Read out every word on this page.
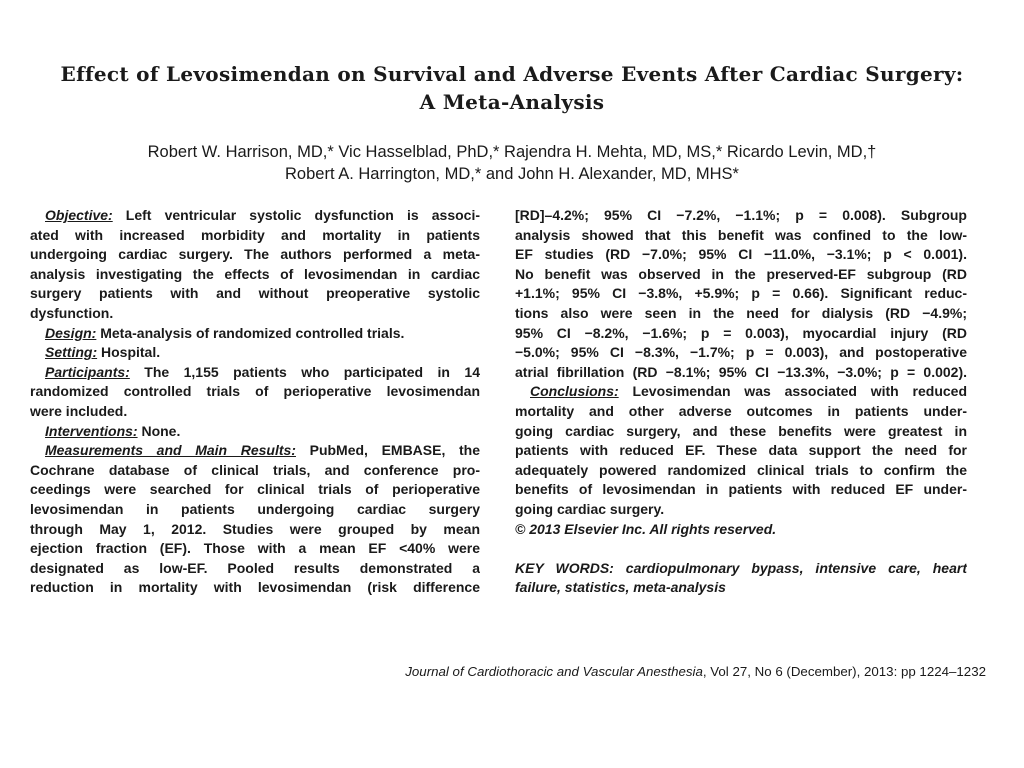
Effect of Levosimendan on Survival and Adverse Events After Cardiac Surgery:
A Meta-Analysis
Robert W. Harrison, MD,* Vic Hasselblad, PhD,* Rajendra H. Mehta, MD, MS,* Ricardo Levin, MD,†
Robert A. Harrington, MD,* and John H. Alexander, MD, MHS*
Objective: Left ventricular systolic dysfunction is associ-
ated with increased morbidity and mortality in patients
undergoing cardiac surgery. The authors performed a meta-
analysis investigating the effects of levosimendan in cardiac
surgery patients with and without preoperative systolic
dysfunction.
Design: Meta-analysis of randomized controlled trials.
Setting: Hospital.
Participants: The 1,155 patients who participated in 14
randomized controlled trials of perioperative levosimendan
were included.
Interventions: None.
Measurements and Main Results: PubMed, EMBASE, the
Cochrane database of clinical trials, and conference pro-
ceedings were searched for clinical trials of perioperative
levosimendan in patients undergoing cardiac surgery
through May 1, 2012. Studies were grouped by mean
ejection fraction (EF). Those with a mean EF <40% were
designated as low-EF. Pooled results demonstrated a
reduction in mortality with levosimendan (risk difference
[RD]–4.2%; 95% CI −7.2%, −1.1%; p = 0.008). Subgroup
analysis showed that this benefit was confined to the low-
EF studies (RD −7.0%; 95% CI −11.0%, −3.1%; p < 0.001).
No benefit was observed in the preserved-EF subgroup (RD
+1.1%; 95% CI −3.8%, +5.9%; p = 0.66). Significant reduc-
tions also were seen in the need for dialysis (RD −4.9%;
95% CI −8.2%, −1.6%; p = 0.003), myocardial injury (RD
−5.0%; 95% CI −8.3%, −1.7%; p = 0.003), and postoperative
atrial fibrillation (RD −8.1%; 95% CI −13.3%, −3.0%; p = 0.002).
Conclusions: Levosimendan was associated with reduced
mortality and other adverse outcomes in patients under-
going cardiac surgery, and these benefits were greatest in
patients with reduced EF. These data support the need for
adequately powered randomized clinical trials to confirm the
benefits of levosimendan in patients with reduced EF under-
going cardiac surgery.
© 2013 Elsevier Inc. All rights reserved.
KEY WORDS: cardiopulmonary bypass, intensive care, heart
failure, statistics, meta-analysis
Journal of Cardiothoracic and Vascular Anesthesia, Vol 27, No 6 (December), 2013: pp 1224–1232
